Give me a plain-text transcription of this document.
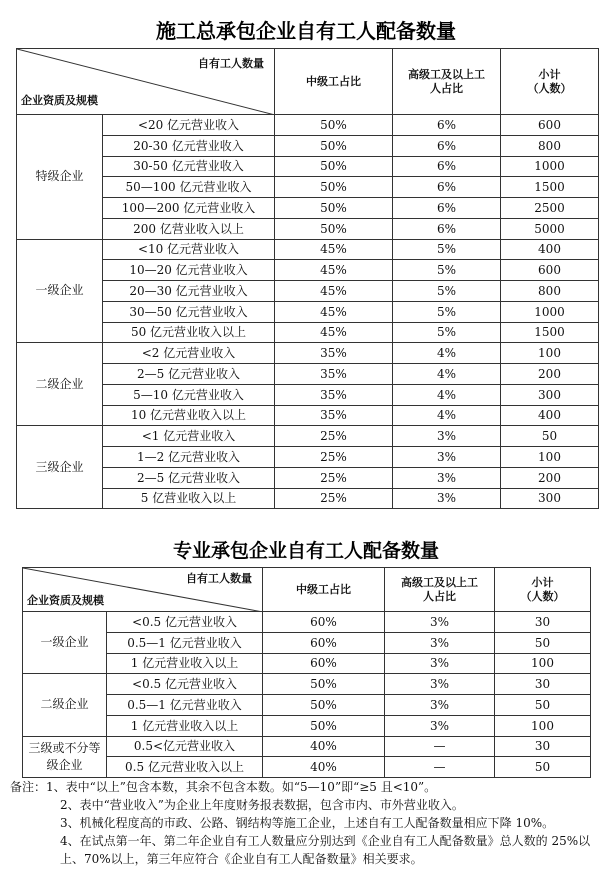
施工总承包企业自有工人配备数量
自有工人数量
企业资质及规模		中级工占比	高级工及以上工
人占比	小计
（人数）
特级企业	<20 亿元营业收入	50%	6%	600
	20-30 亿元营业收入	50%	6%	800
	30-50 亿元营业收入	50%	6%	1000
	50—100 亿元营业收入	50%	6%	1500
	100—200 亿元营业收入	50%	6%	2500
	200 亿营业收入以上	50%	6%	5000
一级企业	<10 亿元营业收入	45%	5%	400
	10—20 亿元营业收入	45%	5%	600
	20—30 亿元营业收入	45%	5%	800
	30—50 亿元营业收入	45%	5%	1000
	50 亿元营业收入以上	45%	5%	1500
二级企业	<2 亿元营业收入	35%	4%	100
	2—5 亿元营业收入	35%	4%	200
	5—10 亿元营业收入	35%	4%	300
	10 亿元营业收入以上	35%	4%	400
三级企业	<1 亿元营业收入	25%	3%	50
	1—2 亿元营业收入	25%	3%	100
	2—5 亿元营业收入	25%	3%	200
	5 亿营业收入以上	25%	3%	300
专业承包企业自有工人配备数量
自有工人数量
企业资质及规模		中级工占比	高级工及以上工
人占比	小计
（人数）
一级企业	<0.5 亿元营业收入	60%	3%	30
	0.5—1 亿元营业收入	60%	3%	50
	1 亿元营业收入以上	60%	3%	100
二级企业	<0.5 亿元营业收入	50%	3%	30
	0.5—1 亿元营业收入	50%	3%	50
	1 亿元营业收入以上	50%	3%	100
三级或不分等级企业	0.5<亿元营业收入	40%	—	30
	0.5 亿元营业收入以上	40%	—	50

备注：1、表中“以上”包含本数，其余不包含本数。如“5—10”即“≥5 且<10”。

2、表中“营业收入”为企业上年度财务报表数据，包含市内、市外营业收入。

3、机械化程度高的市政、公路、钢结构等施工企业，上述自有工人配备数量相应下降 10%。

4、在试点第一年、第二年企业自有工人数量应分别达到《企业自有工人配备数量》总人数的 25%以上、70%以上，第三年应符合《企业自有工人配备数量》相关要求。
